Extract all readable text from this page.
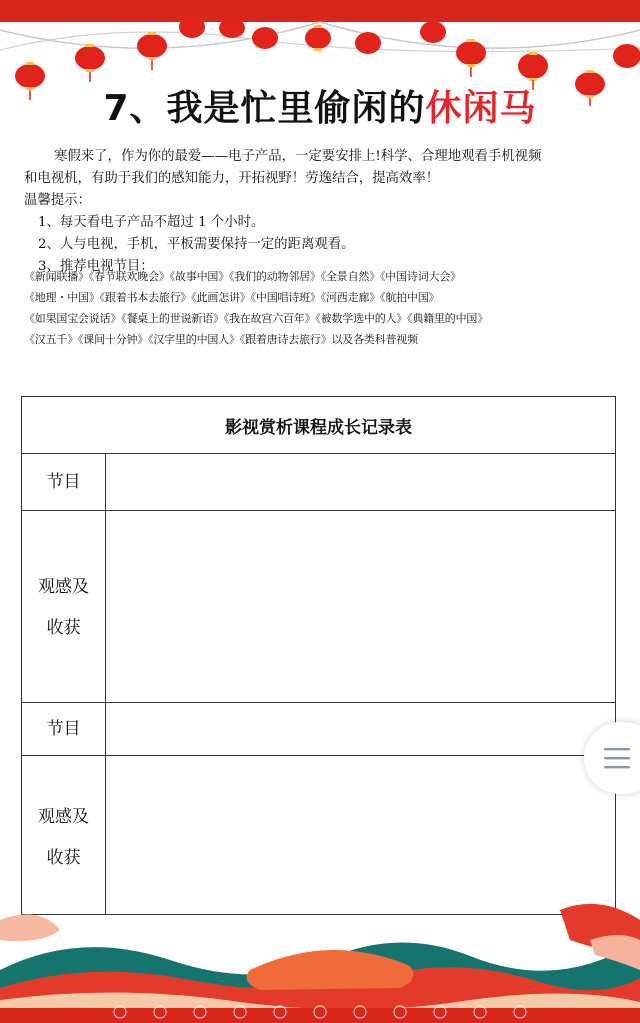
7、我是忙里偷闲的休闲马

寒假来了，作为你的最爱——电子产品，一定要安排上!科学、合理地观看手机视频

和电视机，有助于我们的感知能力，开拓视野！劳逸结合，提高效率！

温馨提示：

1、每天看电子产品不超过 1 个小时。

2、人与电视，手机，平板需要保持一定的距离观看。

3、推荐电视节目：

《新闻联播》《春节联欢晚会》《故事中国》《我们的动物邻居》《全景自然》《中国诗词大会》

《地理・中国》《跟着书本去旅行》《此画怎讲》《中国唱诗班》《河西走廊》《航拍中国》

《如果国宝会说话》《餐桌上的世说新语》《我在故宫六百年》《被数学选中的人》《典籍里的中国》

《汉五千》《课间十分钟》《汉字里的中国人》《跟着唐诗去旅行》以及各类科普视频

影视赏析课程成长记录表
节目
观感及
收获
节目
观感及
收获
